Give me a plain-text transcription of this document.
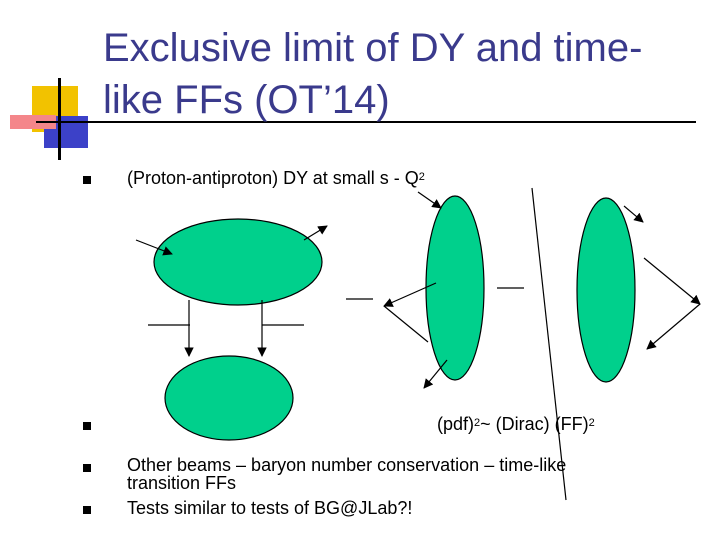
Exclusive limit of DY and time-
like FFs (OT’14)
(Proton-antiproton) DY at small s - $Q^2$
(pdf)$^2$~ (Dirac) (FF)$^2$
Other beams – baryon number conservation – time-like transition FFs
Tests similar to tests of BG@JLab?!
